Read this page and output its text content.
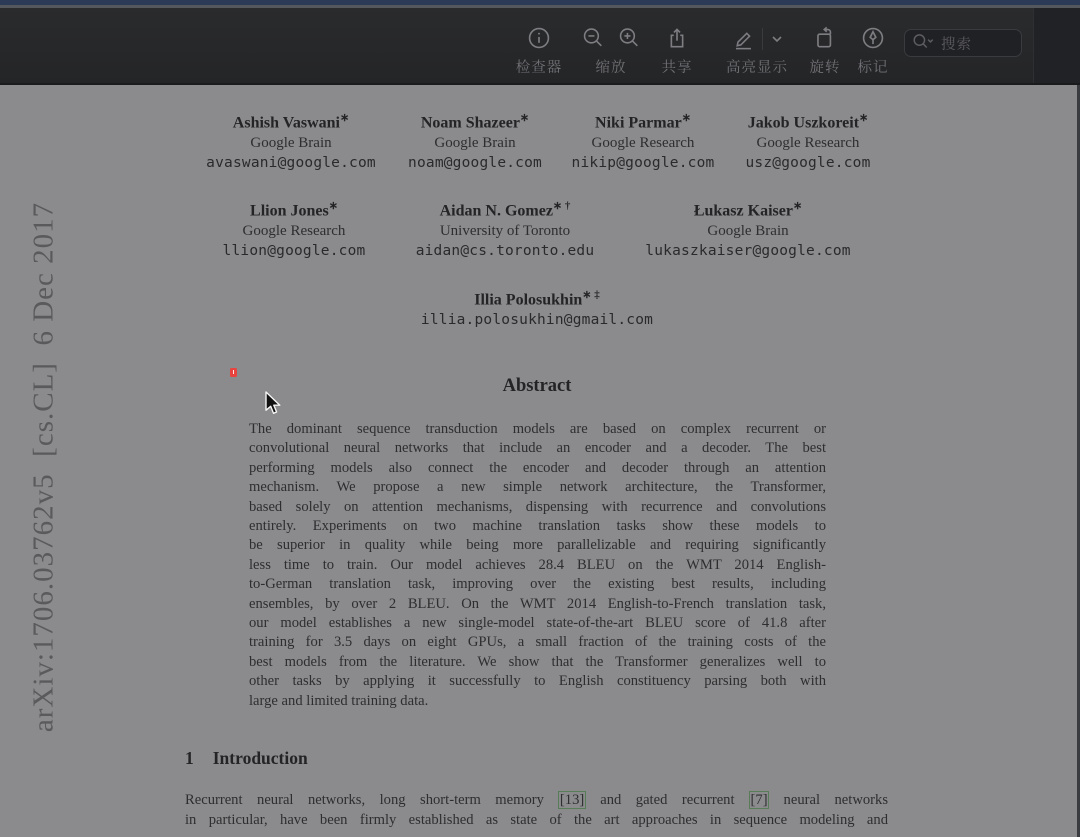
检查器 缩放 共享 高亮显示 旋转 标记
搜索
arXiv:1706.03762v5  [cs.CL]  6 Dec 2017
Ashish Vaswani∗
Google Brain
avaswani@google.com
Noam Shazeer∗
Google Brain
noam@google.com
Niki Parmar∗
Google Research
nikip@google.com
Jakob Uszkoreit∗
Google Research
usz@google.com
Llion Jones∗
Google Research
llion@google.com
Aidan N. Gomez∗ †
University of Toronto
aidan@cs.toronto.edu
Łukasz Kaiser∗
Google Brain
lukaszkaiser@google.com
Illia Polosukhin∗ ‡
illia.polosukhin@gmail.com
Abstract
The dominant sequence transduction models are based on complex recurrent or
convolutional neural networks that include an encoder and a decoder. The best
performing models also connect the encoder and decoder through an attention
mechanism. We propose a new simple network architecture, the Transformer,
based solely on attention mechanisms, dispensing with recurrence and convolutions
entirely. Experiments on two machine translation tasks show these models to
be superior in quality while being more parallelizable and requiring significantly
less time to train. Our model achieves 28.4 BLEU on the WMT 2014 English-
to-German translation task, improving over the existing best results, including
ensembles, by over 2 BLEU. On the WMT 2014 English-to-French translation task,
our model establishes a new single-model state-of-the-art BLEU score of 41.8 after
training for 3.5 days on eight GPUs, a small fraction of the training costs of the
best models from the literature. We show that the Transformer generalizes well to
other tasks by applying it successfully to English constituency parsing both with
large and limited training data.
1 Introduction
Recurrent neural networks, long short-term memory [13] and gated recurrent [7] neural networks
in particular, have been firmly established as state of the art approaches in sequence modeling and
